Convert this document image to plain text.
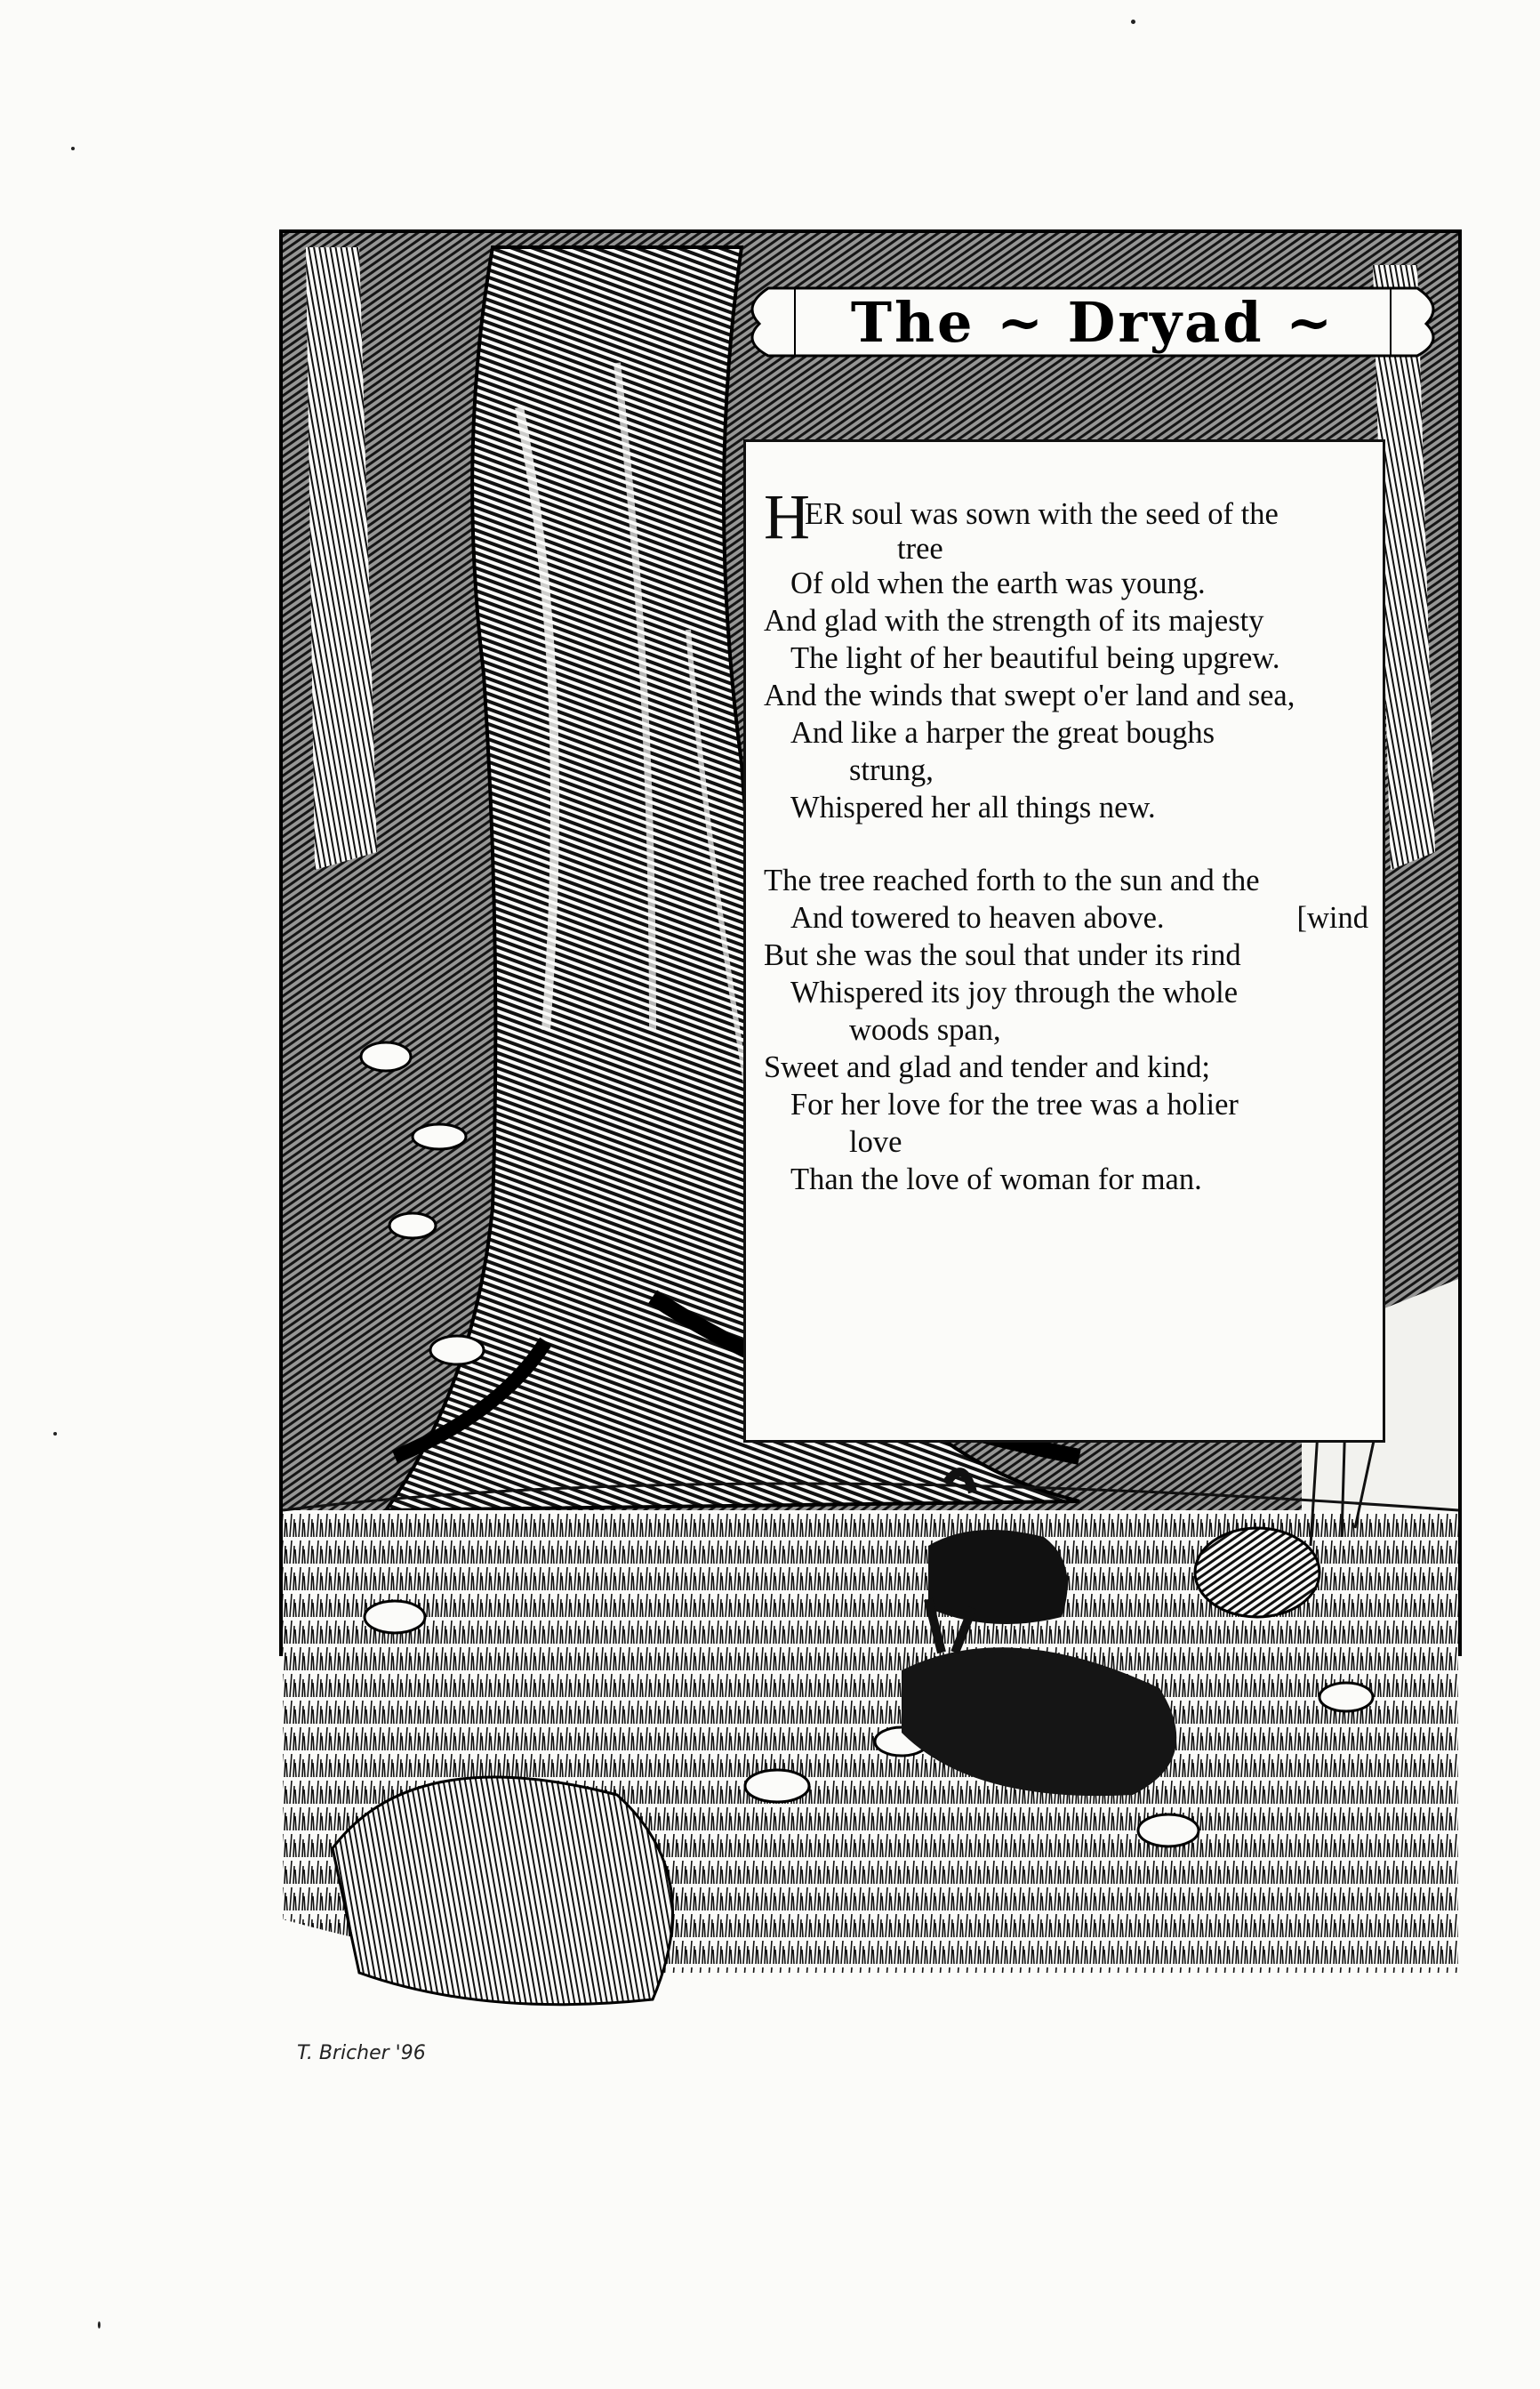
The ~ Dryad ~
H
ER soul was sown with the seed of the
tree
Of old when the earth was young.
And glad with the strength of its majesty
The light of her beautiful being upgrew.
And the winds that swept o'er land and sea,
And like a harper the great boughs
strung,
Whispered her all things new.
The tree reached forth to the sun and the
And towered to heaven above.	[wind
But she was the soul that under its rind
Whispered its joy through the whole
woods span,
Sweet and glad and tender and kind;
For her love for the tree was a holier
love
Than the love of woman for man.
T. Bricher '96
